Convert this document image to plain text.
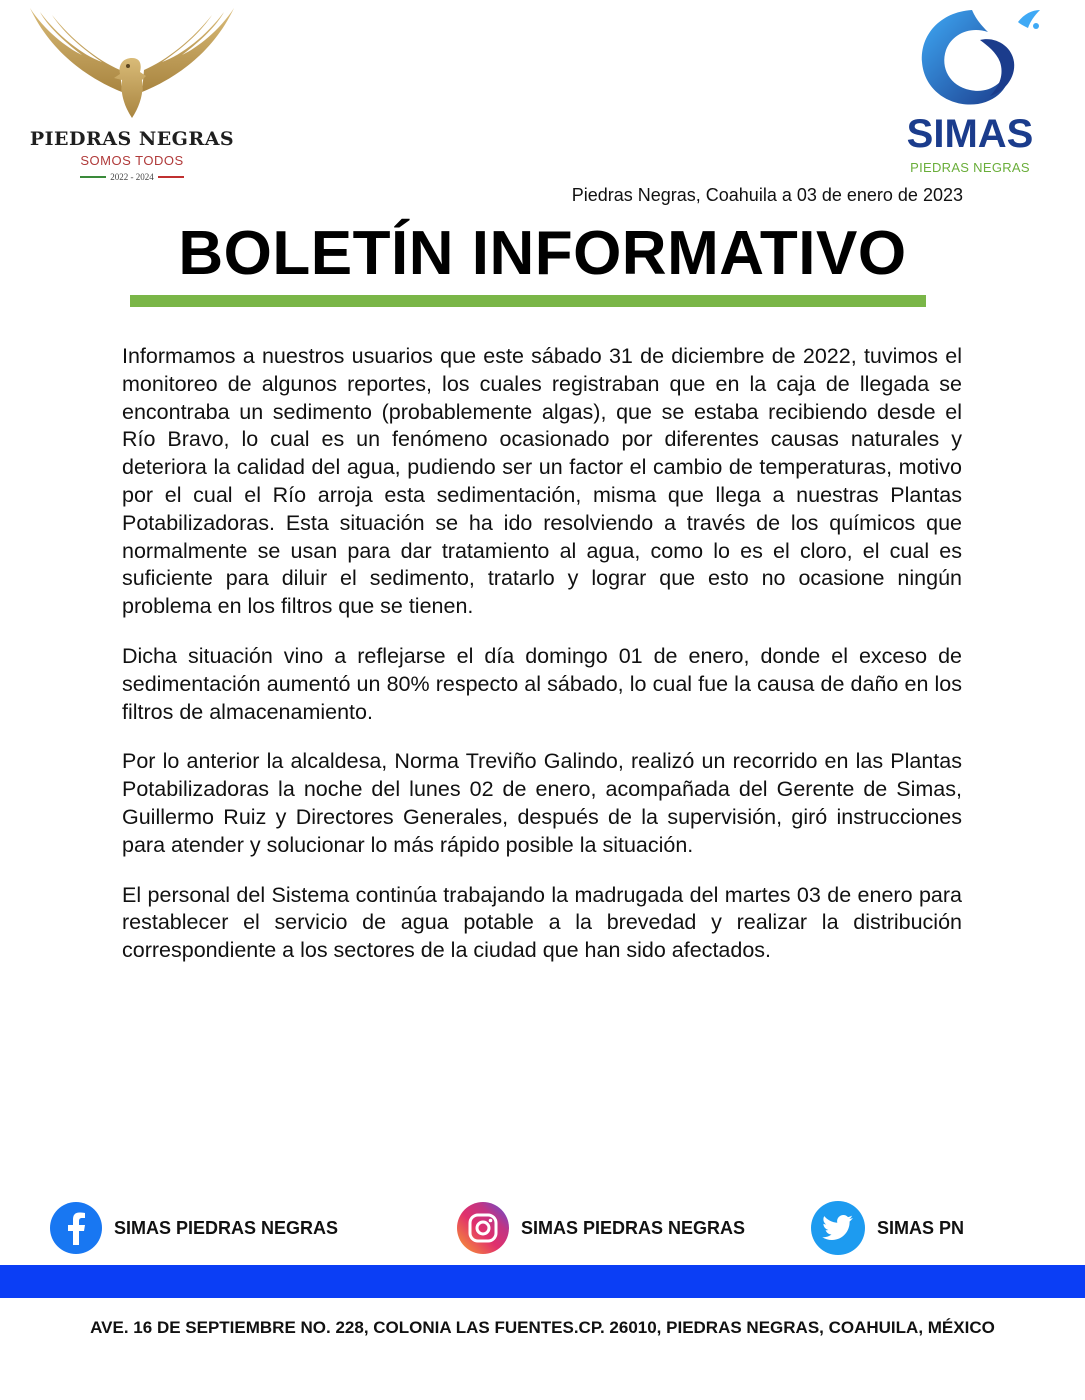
PIEDRAS NEGRAS
SOMOS TODOS
2022 - 2024
SIMAS
PIEDRAS NEGRAS
Piedras Negras, Coahuila a 03 de enero de 2023
BOLETÍN INFORMATIVO

Informamos a nuestros usuarios que este sábado 31 de diciembre de 2022, tuvimos el monitoreo de algunos reportes, los cuales registraban que en la caja de llegada se encontraba un sedimento (probablemente algas), que se estaba recibiendo desde el Río Bravo, lo cual es un fenómeno ocasionado por diferentes causas naturales y deteriora la calidad del agua, pudiendo ser un factor el cambio de temperaturas, motivo por el cual el Río arroja esta sedimentación, misma que llega a nuestras Plantas Potabilizadoras. Esta situación se ha ido resolviendo a través de los químicos que normalmente se usan para dar tratamiento al agua, como lo es el cloro, el cual es suficiente para diluir el sedimento, tratarlo y lograr que esto no ocasione ningún problema en los filtros que se tienen.

Dicha situación vino a reflejarse el día domingo 01 de enero, donde el exceso de sedimentación aumentó un 80% respecto al sábado, lo cual fue la causa de daño en los filtros de almacenamiento.

Por lo anterior la alcaldesa, Norma Treviño Galindo, realizó un recorrido en las Plantas Potabilizadoras la noche del lunes 02 de enero, acompañada del Gerente de Simas, Guillermo Ruiz y Directores Generales, después de la supervisión, giró instrucciones para atender y solucionar lo más rápido posible la situación.

El personal del Sistema continúa trabajando la madrugada del martes 03 de enero para restablecer el servicio de agua potable a la brevedad y realizar la distribución correspondiente a los sectores de la ciudad que han sido afectados.

SIMAS PIEDRAS NEGRAS	SIMAS PIEDRAS NEGRAS	SIMAS PN
AVE. 16 DE SEPTIEMBRE NO. 228, COLONIA LAS FUENTES.CP. 26010, PIEDRAS NEGRAS, COAHUILA, MÉXICO
